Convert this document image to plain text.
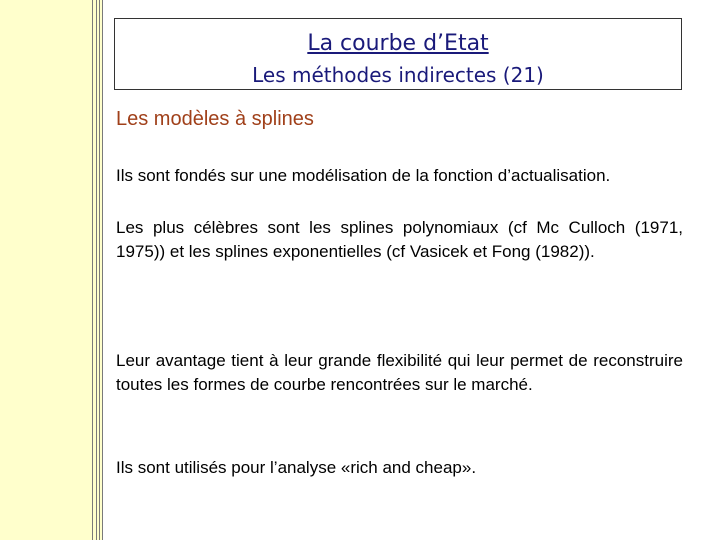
La courbe d’Etat
Les méthodes indirectes (21)
Les modèles à splines
Ils sont fondés sur une modélisation de la fonction d’actualisation.
Les plus célèbres sont les splines polynomiaux (cf Mc Culloch (1971, 1975)) et les splines exponentielles (cf Vasicek et Fong (1982)).
Leur avantage tient à leur grande flexibilité qui leur permet de reconstruire toutes les formes de courbe rencontrées sur le marché.
Ils sont utilisés pour l’analyse «rich and cheap».
